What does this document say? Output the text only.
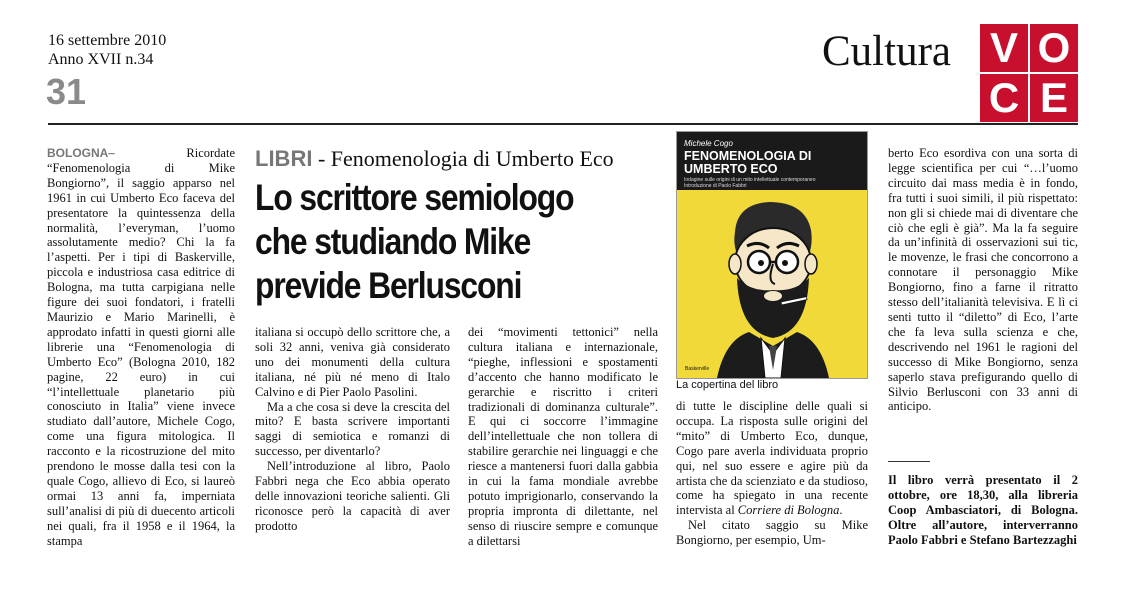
16 settembre 2010
Anno XVII n.34
31
Cultura V O
C E

BOLOGNA– Ricordate “Fenomenologia di Mike Bongiorno”, il saggio apparso nel 1961 in cui Umberto Eco faceva del presentatore la quintessenza della normalità, l’everyman, l’uomo assolutamente medio? Chi la fa l’aspetti. Per i tipi di Baskerville, piccola e industriosa casa editrice di Bologna, ma tutta carpigiana nelle figure dei suoi fondatori, i fratelli Maurizio e Mario Marinelli, è approdato infatti in questi giorni alle librerie una “Fenomenologia di Umberto Eco” (Bologna 2010, 182 pagine, 22 euro) in cui “l’intellettuale planetario più conosciuto in Italia” viene invece studiato dall’autore, Michele Cogo, come una figura mitologica. Il racconto e la ricostruzione del mito prendono le mosse dalla tesi con la quale Cogo, allievo di Eco, si laureò ormai 13 anni fa, imperniata sull’analisi di più di duecento articoli nei quali, fra il 1958 e il 1964, la stampa

LIBRI - Fenomenologia di Umberto Eco
Lo scrittore semiologo
che studiando Mike
previde Berlusconi

italiana si occupò dello scrittore che, a soli 32 anni, veniva già considerato uno dei monumenti della cultura italiana, né più né meno di Italo Calvino e di Pier Paolo Pasolini.

Ma a che cosa si deve la crescita del mito? E basta scrivere importanti saggi di semiotica e romanzi di successo, per diventarlo?

Nell’introduzione al libro, Paolo Fabbri nega che Eco abbia operato delle innovazioni teoriche salienti. Gli riconosce però la capacità di aver prodotto

dei “movimenti tettonici” nella cultura italiana e internazionale, “pieghe, inflessioni e spostamenti d’accento che hanno modificato le gerarchie e riscritto i criteri tradizionali di dominanza culturale”. E qui ci soccorre l’immagine dell’intellettuale che non tollera di stabilire gerarchie nei linguaggi e che riesce a mantenersi fuori dalla gabbia in cui la fama mondiale avrebbe potuto imprigionarlo, conservando la propria impronta di dilettante, nel senso di riuscire sempre e comunque a dilettarsi

Michele Cogo
FENOMENOLOGIA DI
UMBERTO ECO
Indagine sulle origini di un mito intellettuale contemporaneo
Introduzione di Paolo Fabbri
Baskerville
La copertina del libro

di tutte le discipline delle quali si occupa. La risposta sulle origini del “mito” di Umberto Eco, dunque, Cogo pare averla individuata proprio qui, nel suo essere e agire più da artista che da scienziato e da studioso, come ha spiegato in una recente intervista al Corriere di Bologna.

Nel citato saggio su Mike Bongiorno, per esempio, Um-

berto Eco esordiva con una sorta di legge scientifica per cui “…l’uomo circuito dai mass media è in fondo, fra tutti i suoi simili, il più rispettato: non gli si chiede mai di diventare che ciò che egli è già”. Ma la fa seguire da un’infinità di osservazioni sui tic, le movenze, le frasi che concorrono a connotare il personaggio Mike Bongiorno, fino a farne il ritratto stesso dell’italianità televisiva. E lì ci senti tutto il “diletto” di Eco, l’arte che fa leva sulla scienza e che, descrivendo nel 1961 le ragioni del successo di Mike Bongiorno, senza saperlo stava prefigurando quello di Silvio Berlusconi con 33 anni di anticipo.

Il libro verrà presentato il 2 ottobre, ore 18,30, alla libreria Coop Ambasciatori, di Bologna. Oltre all’autore, interverranno Paolo Fabbri e Stefano Bartezzaghi
